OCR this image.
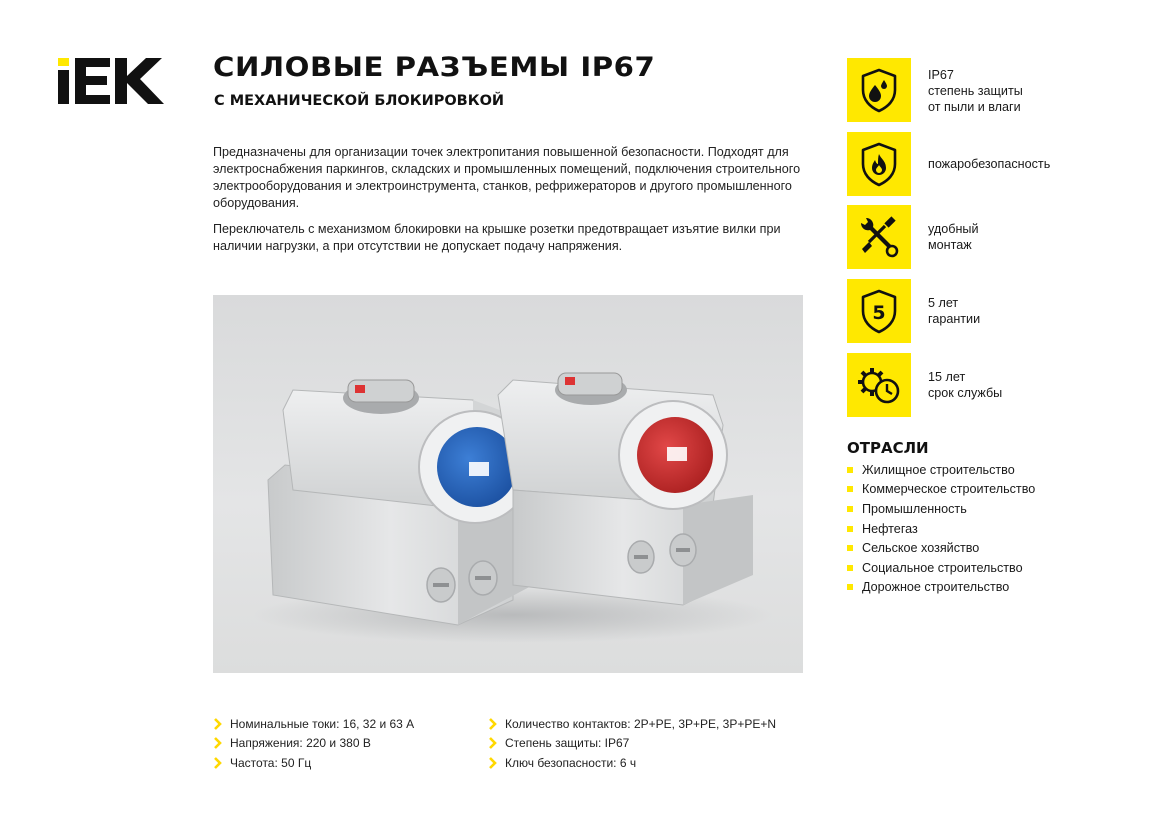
СИЛОВЫЕ РАЗЪЕМЫ IP67
С МЕХАНИЧЕСКОЙ БЛОКИРОВКОЙ

Предназначены для организации точек электропитания повышенной безопасности. Подходят для электроснабжения паркингов, складских и промышленных помещений, подключения строительного электрооборудования и электроинструмента, станков, рефрижераторов и другого промышленного оборудования.

Переключатель с механизмом блокировки на крышке розетки предотвращает изъятие вилки при наличии нагрузки, а при отсутствии не допускает подачу напряжения.

Номинальные токи: 16, 32 и 63 А
Напряжения: 220 и 380 В
Частота: 50 Гц
Количество контактов: 2P+PE, 3P+PE, 3P+PE+N
Степень защиты: IP67
Ключ безопасности: 6 ч
IP67
степень защиты
от пыли и влаги
пожаробезопасность
удобный
монтаж
5	5 лет
гарантии
15 лет
срок службы
ОТРАСЛИ
Жилищное строительство
Коммерческое строительство
Промышленность
Нефтегаз
Сельское хозяйство
Социальное строительство
Дорожное строительство
